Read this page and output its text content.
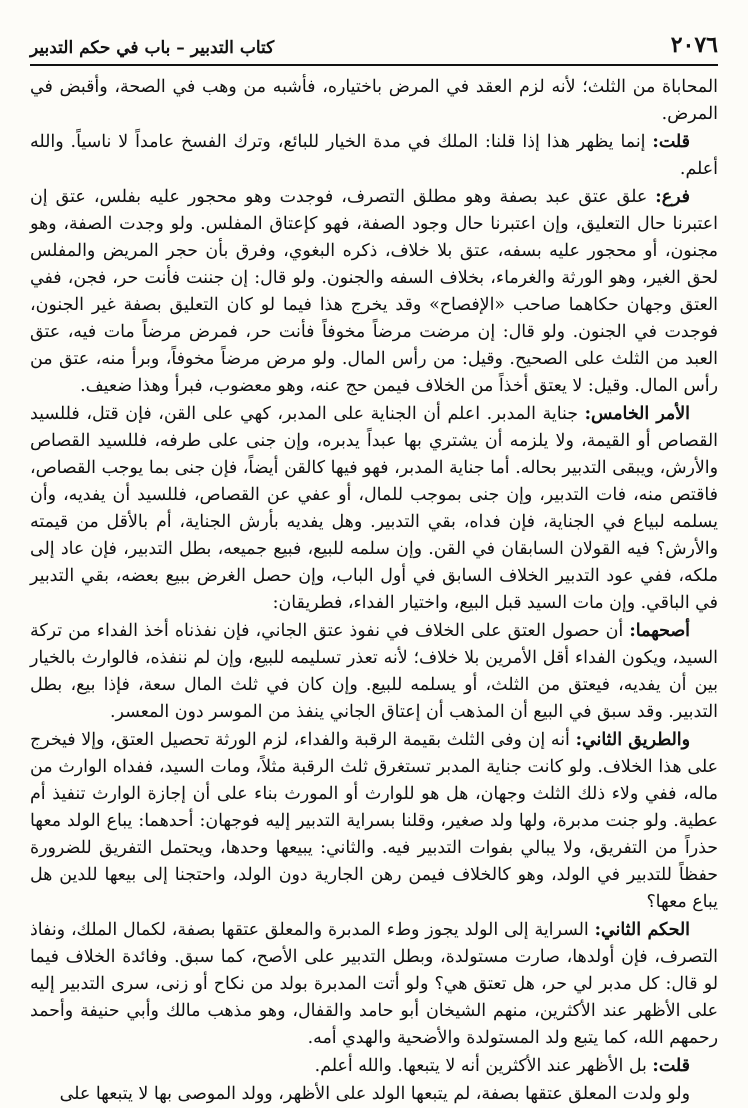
كتاب التدبير – باب في حكم التدبير	٢٠٧٦

المحاباة من الثلث؛ لأنه لزم العقد في المرض باختياره، فأشبه من وهب في الصحة، وأقبض في المرض.

قلت: إنما يظهر هذا إذا قلنا: الملك في مدة الخيار للبائع، وترك الفسخ عامداً لا ناسياً. والله أعلم.

فرع: علق عتق عبد بصفة وهو مطلق التصرف، فوجدت وهو محجور عليه بفلس، عتق إن اعتبرنا حال التعليق، وإن اعتبرنا حال وجود الصفة، فهو كإعتاق المفلس. ولو وجدت الصفة، وهو مجنون، أو محجور عليه بسفه، عتق بلا خلاف، ذكره البغوي، وفرق بأن حجر المريض والمفلس لحق الغير، وهو الورثة والغرماء، بخلاف السفه والجنون. ولو قال: إن جننت فأنت حر، فجن، ففي العتق وجهان حكاهما صاحب «الإفصاح» وقد يخرج هذا فيما لو كان التعليق بصفة غير الجنون، فوجدت في الجنون. ولو قال: إن مرضت مرضاً مخوفاً فأنت حر، فمرض مرضاً مات فيه، عتق العبد من الثلث على الصحيح. وقيل: من رأس المال. ولو مرض مرضاً مخوفاً، وبرأ منه، عتق من رأس المال. وقيل: لا يعتق أخذاً من الخلاف فيمن حج عنه، وهو معضوب، فبرأ وهذا ضعيف.

الأمر الخامس: جناية المدبر. اعلم أن الجناية على المدبر، كهي على القن، فإن قتل، فللسيد القصاص أو القيمة، ولا يلزمه أن يشتري بها عبداً يدبره، وإن جنى على طرفه، فللسيد القصاص والأرش، ويبقى التدبير بحاله. أما جناية المدبر، فهو فيها كالقن أيضاً، فإن جنى بما يوجب القصاص، فاقتص منه، فات التدبير، وإن جنى بموجب للمال، أو عفي عن القصاص، فللسيد أن يفديه، وأن يسلمه لبياع في الجناية، فإن فداه، بقي التدبير. وهل يفديه بأرش الجناية، أم بالأقل من قيمته والأرش؟ فيه القولان السابقان في القن. وإن سلمه للبيع، فبيع جميعه، بطل التدبير، فإن عاد إلى ملكه، ففي عود التدبير الخلاف السابق في أول الباب، وإن حصل الغرض ببيع بعضه، بقي التدبير في الباقي. وإن مات السيد قبل البيع، واختيار الفداء، فطريقان:

أصحهما: أن حصول العتق على الخلاف في نفوذ عتق الجاني، فإن نفذناه أخذ الفداء من تركة السيد، ويكون الفداء أقل الأمرين بلا خلاف؛ لأنه تعذر تسليمه للبيع، وإن لم ننفذه، فالوارث بالخيار بين أن يفديه، فيعتق من الثلث، أو يسلمه للبيع. وإن كان في ثلث المال سعة، فإذا بيع، بطل التدبير. وقد سبق في البيع أن المذهب أن إعتاق الجاني ينفذ من الموسر دون المعسر.

والطريق الثاني: أنه إن وفى الثلث بقيمة الرقبة والفداء، لزم الورثة تحصيل العتق، وإلا فيخرج على هذا الخلاف. ولو كانت جناية المدبر تستغرق ثلث الرقبة مثلاً، ومات السيد، ففداه الوارث من ماله، ففي ولاء ذلك الثلث وجهان، هل هو للوارث أو المورث بناء على أن إجازة الوارث تنفيذ أم عطية. ولو جنت مدبرة، ولها ولد صغير، وقلنا بسراية التدبير إليه فوجهان: أحدهما: يباع الولد معها حذراً من التفريق، ولا يبالي بفوات التدبير فيه. والثاني: يبيعها وحدها، ويحتمل التفريق للضرورة حفظاً للتدبير في الولد، وهو كالخلاف فيمن رهن الجارية دون الولد، واحتجنا إلى بيعها للدين هل يباع معها؟

الحكم الثاني: السراية إلى الولد يجوز وطء المدبرة والمعلق عتقها بصفة، لكمال الملك، ونفاذ التصرف، فإن أولدها، صارت مستولدة، وبطل التدبير على الأصح، كما سبق. وفائدة الخلاف فيما لو قال: كل مدبر لي حر، هل تعتق هي؟ ولو أتت المدبرة بولد من نكاح أو زنى، سرى التدبير إليه على الأظهر عند الأكثرين، منهم الشيخان أبو حامد والقفال، وهو مذهب مالك وأبي حنيفة وأحمد رحمهم الله، كما يتبع ولد المستولدة والأضحية والهدي أمه.

قلت: بل الأظهر عند الأكثرين أنه لا يتبعها. والله أعلم.

ولو ولدت المعلق عتقها بصفة، لم يتبعها الولد على الأظهر، وولد الموصى بها لا يتبعها على
